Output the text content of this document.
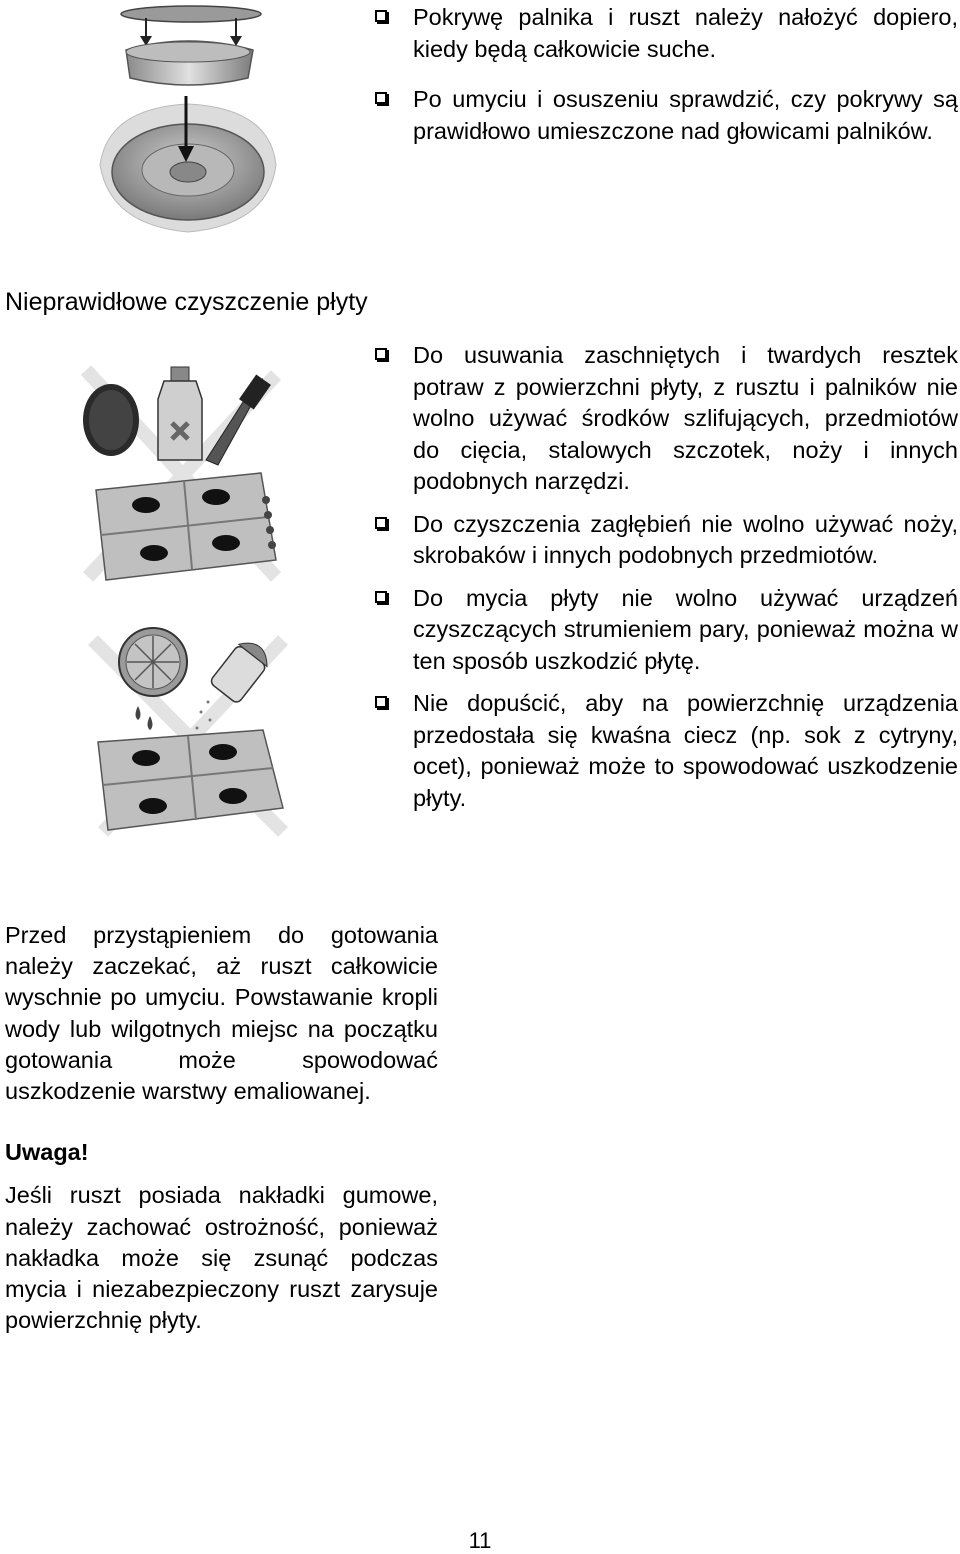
Pokrywę palnika i ruszt należy nałożyć dopiero, kiedy będą całkowicie suche.

Po umyciu i osuszeniu sprawdzić, czy pokrywy są prawidłowo umieszczone nad głowicami palników.

Nieprawidłowe czyszczenie płyty

Do usuwania zaschniętych i twardych resztek potraw z powierzchni płyty, z rusztu i palników nie wolno używać środków szlifujących, przedmiotów do cięcia, stalowych szczotek, noży i innych podobnych narzędzi.

Do czyszczenia zagłębień nie wolno używać noży, skrobaków i innych podobnych przedmiotów.

Do mycia płyty nie wolno używać urządzeń czyszczących strumieniem pary, ponieważ można w ten sposób uszkodzić płytę.

Nie dopuścić, aby na powierzchnię urządzenia przedostała się kwaśna ciecz (np. sok z cytryny, ocet), ponieważ może to spowodować uszkodzenie płyty.

Przed przystąpieniem do gotowania należy zaczekać, aż ruszt całkowicie wyschnie po umyciu. Powstawanie kropli wody lub wilgotnych miejsc na początku gotowania może spowodować uszkodzenie warstwy emaliowanej.

Uwaga!

Jeśli ruszt posiada nakładki gumowe, należy zachować ostrożność, ponieważ nakładka może się zsunąć podczas mycia i niezabezpieczony ruszt zarysuje powierzchnię płyty.

11
